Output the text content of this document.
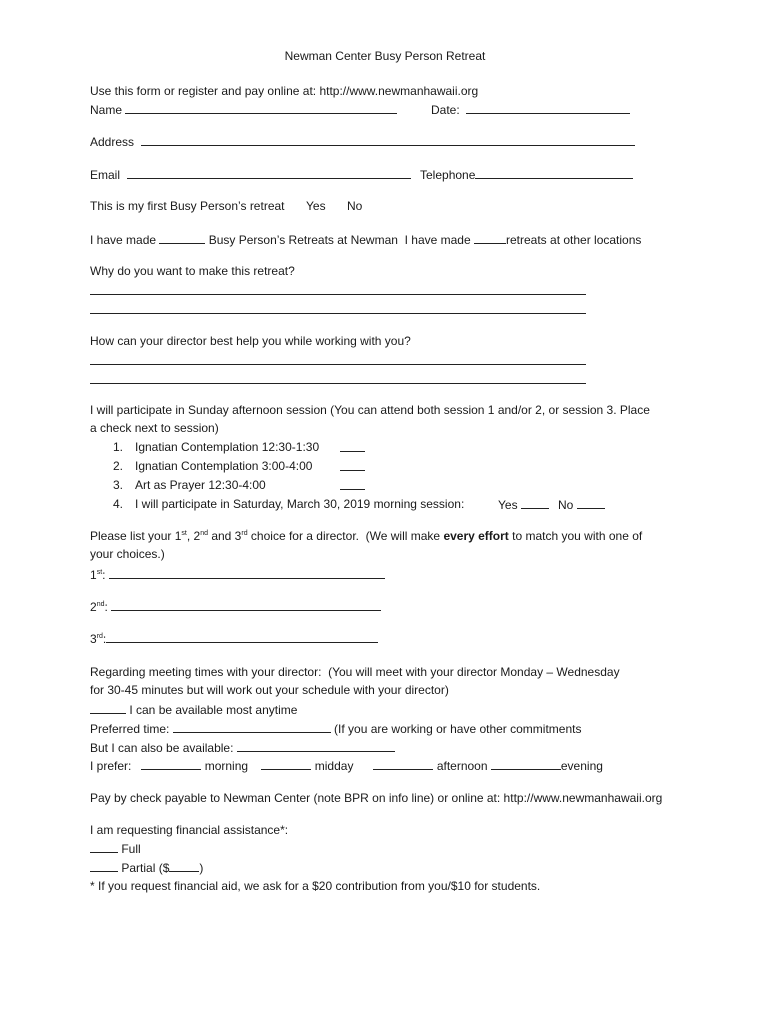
Newman Center Busy Person Retreat
Use this form or register and pay online at: http://www.newmanhawaii.org
Name	Date:
Address
Email	Telephone
This is my first Busy Person’s retreat Yes No
I have made	Busy Person’s Retreats at Newman I have made	retreats at other locations
Why do you want to make this retreat?
How can your director best help you while working with you?
I will participate in Sunday afternoon session (You can attend both session 1 and/or 2, or session 3. Place
a check next to session)
1. Ignatian Contemplation 12:30-1:30
2. Ignatian Contemplation 3:00-4:00
3. Art as Prayer 12:30-4:00
4. I will participate in Saturday, March 30, 2019 morning session:	Yes	No
Please list your 1st, 2nd and 3rd choice for a director.  (We will make every effort to match you with one of
your choices.)
1st:
2nd:
3rd:
Regarding meeting times with your director:  (You will meet with your director Monday – Wednesday
for 30-45 minutes but will work out your schedule with your director)
I can be available most anytime
Preferred time:	(If you are working or have other commitments
But I can also be available:
I prefer:	morning	midday	afternoon	evening
Pay by check payable to Newman Center (note BPR on info line) or online at: http://www.newmanhawaii.org
I am requesting financial assistance*:
Full
Partial ($	)
* If you request financial aid, we ask for a $20 contribution from you/$10 for students.
